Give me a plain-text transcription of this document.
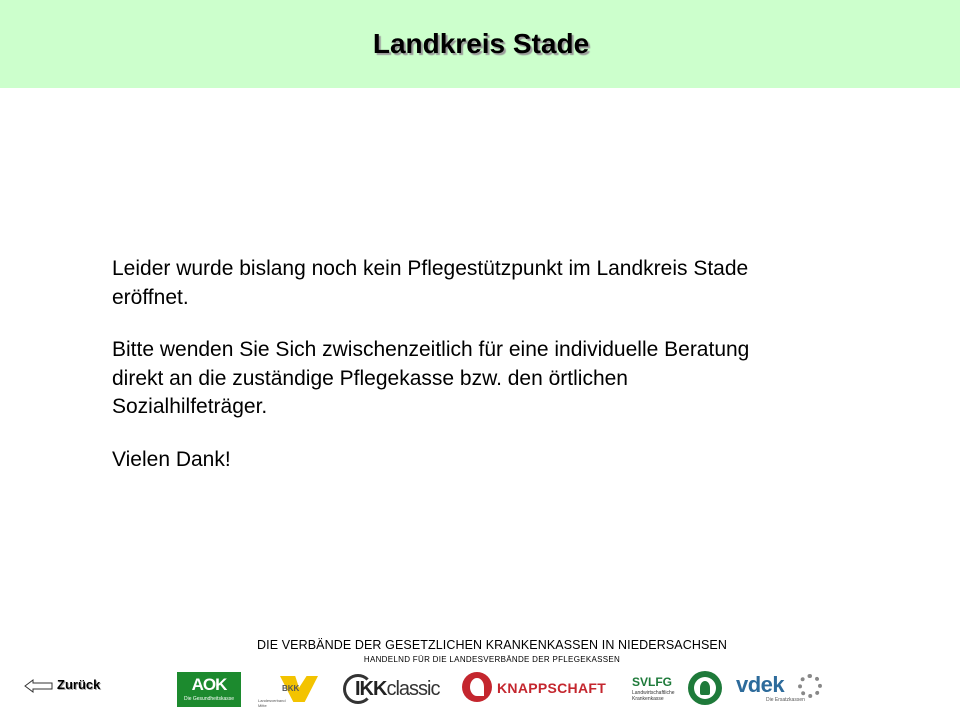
Landkreis Stade

Leider wurde bislang noch kein Pflegestützpunkt im Landkreis Stade eröffnet.

Bitte wenden Sie Sich zwischenzeitlich für eine individuelle Beratung direkt an die zuständige Pflegekasse bzw. den örtlichen Sozialhilfeträger.

Vielen Dank!

DIE VERBÄNDE DER GESETZLICHEN KRANKENKASSEN IN NIEDERSACHSEN
HANDELND FÜR DIE LANDESVERBÄNDE DER PFLEGEKASSEN
Zurück	AOK
Die Gesundheitskasse
BKK
Landesverband Mitte
IKKclassic	KNAPPSCHAFT SVLFG
Landwirtschaftliche Krankenkasse
vdek
Die Ersatzkassen
